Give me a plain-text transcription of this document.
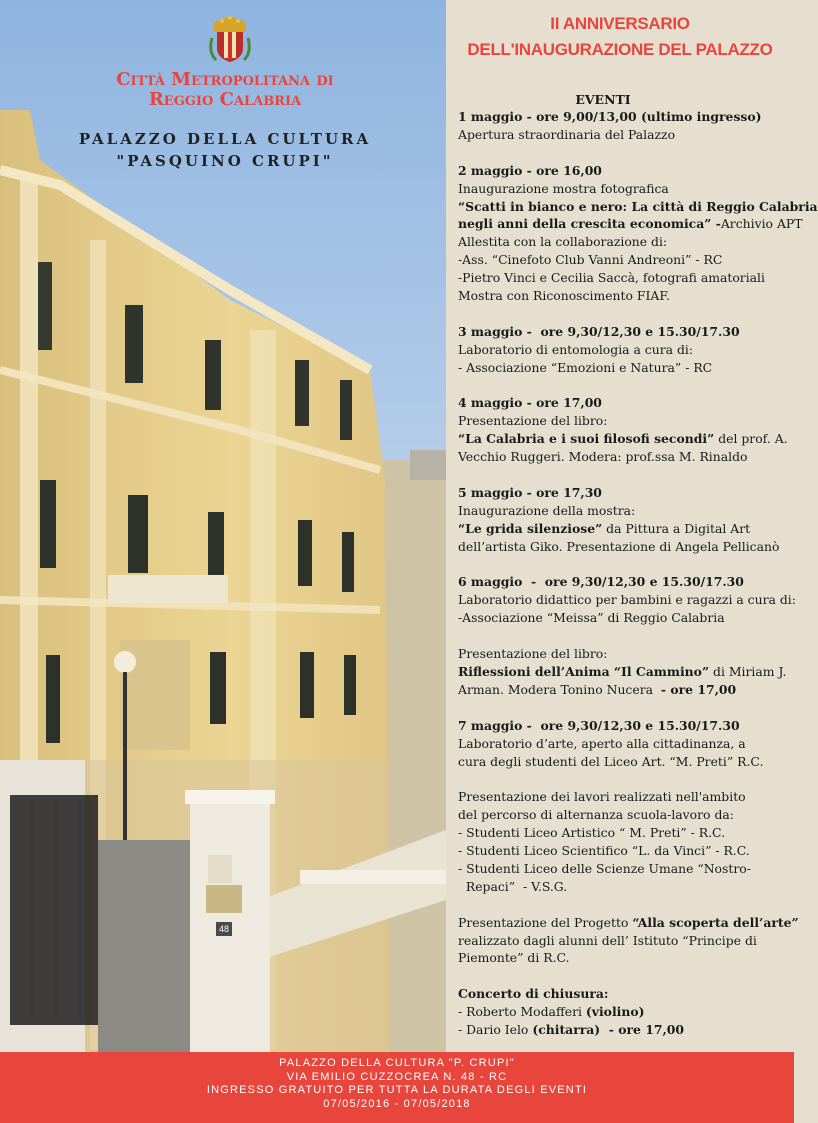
48
Città Metropolitana di
Reggio Calabria
PALAZZO DELLA CULTURA
"PASQUINO CRUPI"
II ANNIVERSARIO
DELL'INAUGURAZIONE DEL PALAZZO
EVENTI
1 maggio - ore 9,00/13,00 (ultimo ingresso)
Apertura straordinaria del Palazzo
2 maggio - ore 16,00
Inaugurazione mostra fotografica
“Scatti in bianco e nero: La città di Reggio Calabria
negli anni della crescita economica” -Archivio APT
Allestita con la collaborazione di:
-Ass. “Cinefoto Club Vanni Andreoni” - RC
-Pietro Vinci e Cecilia Saccà, fotografi amatoriali
Mostra con Riconoscimento FIAF.
3 maggio -  ore 9,30/12,30 e 15.30/17.30
Laboratorio di entomologia a cura di:
- Associazione “Emozioni e Natura” - RC
4 maggio - ore 17,00
Presentazione del libro:
“La Calabria e i suoi filosofi secondi” del prof. A.
Vecchio Ruggeri. Modera: prof.ssa M. Rinaldo
5 maggio - ore 17,30
Inaugurazione della mostra:
“Le grida silenziose” da Pittura a Digital Art
dell’artista Giko. Presentazione di Angela Pellicanò
6 maggio  -  ore 9,30/12,30 e 15.30/17.30
Laboratorio didattico per bambini e ragazzi a cura di:
-Associazione “Meissa” di Reggio Calabria
Presentazione del libro:
Riflessioni dell’Anima “Il Cammino” di Miriam J.
Arman. Modera Tonino Nucera  - ore 17,00
7 maggio -  ore 9,30/12,30 e 15.30/17.30
Laboratorio d’arte, aperto alla cittadinanza, a
cura degli studenti del Liceo Art. “M. Preti” R.C.
Presentazione dei lavori realizzati nell'ambito
del percorso di alternanza scuola-lavoro da:
- Studenti Liceo Artistico “ M. Preti” - R.C.
- Studenti Liceo Scientifico “L. da Vinci” - R.C.
- Studenti Liceo delle Scienze Umane “Nostro-
Repaci”  - V.S.G.
Presentazione del Progetto “Alla scoperta dell’arte”
realizzato dagli alunni dell’ Istituto “Principe di
Piemonte” di R.C.
Concerto di chiusura:
- Roberto Modafferi (violino)
- Dario Ielo (chitarra)  - ore 17,00
PALAZZO DELLA CULTURA "P. CRUPI"
VIA EMILIO CUZZOCREA N. 48 - RC
INGRESSO GRATUITO PER TUTTA LA DURATA DEGLI EVENTI
07/05/2016 - 07/05/2018
